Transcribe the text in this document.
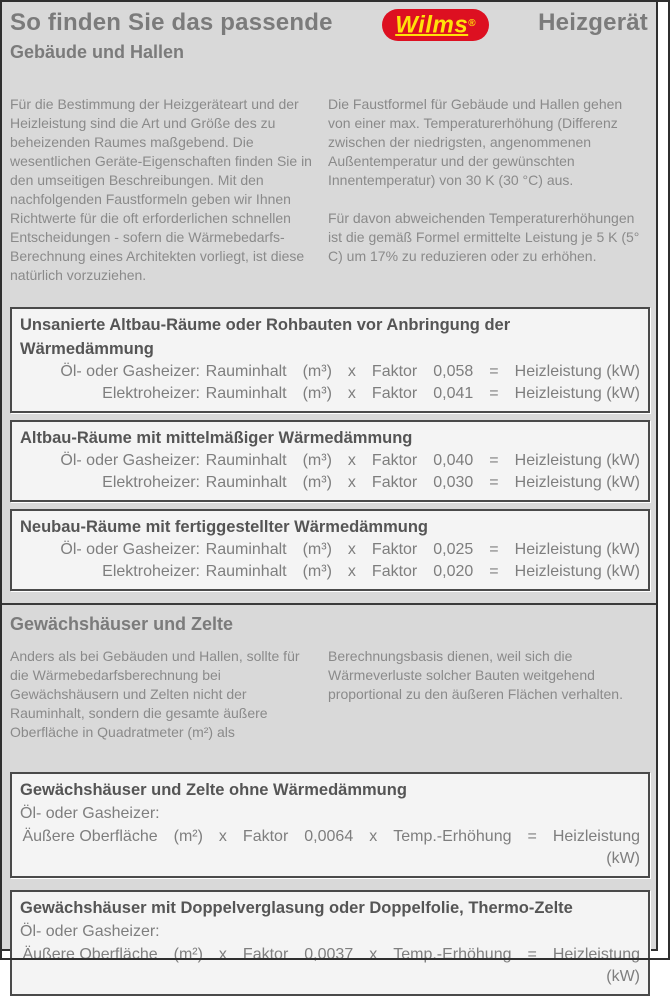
So finden Sie das passende	Wilms®	Heizgerät
Gebäude und Hallen

Für die Bestimmung der Heizgeräteart und der Heizleistung sind die Art und Größe des zu beheizenden Raumes maßgebend. Die wesentlichen Geräte-Eigenschaften finden Sie in den umseitigen Beschreibungen. Mit den nachfolgenden Faustformeln geben wir Ihnen Richtwerte für die oft erforderlichen schnellen Entscheidungen - sofern die Wärmebedarfs-Berechnung eines Architekten vorliegt, ist diese natürlich vorzuziehen.

Die Faustformel für Gebäude und Hallen gehen von einer max. Temperaturerhöhung (Differenz zwischen der niedrigsten, angenommenen Außentemperatur und der gewünschten Innentemperatur) von 30 K (30 °C) aus.

Für davon abweichenden Temperaturerhöhungen ist die gemäß Formel ermittelte Leistung je 5 K (5° C) um 17% zu reduzieren oder zu erhöhen.

Unsanierte Altbau-Räume oder Rohbauten vor Anbringung der Wärmedämmung
Öl- oder Gasheizer: Rauminhalt  (m³)  x  Faktor  0,058  =  Heizleistung (kW)
Elektroheizer: Rauminhalt  (m³)  x  Faktor  0,041  =  Heizleistung (kW)
Altbau-Räume mit mittelmäßiger Wärmedämmung
Öl- oder Gasheizer: Rauminhalt  (m³)  x  Faktor  0,040  =  Heizleistung (kW)
Elektroheizer: Rauminhalt  (m³)  x  Faktor  0,030  =  Heizleistung (kW)
Neubau-Räume mit fertiggestellter Wärmedämmung
Öl- oder Gasheizer: Rauminhalt  (m³)  x  Faktor  0,025  =  Heizleistung (kW)
Elektroheizer: Rauminhalt  (m³)  x  Faktor  0,020  =  Heizleistung (kW)
Gewächshäuser und Zelte

Anders als bei Gebäuden und Hallen, sollte für die Wärmebedarfsberechnung bei Gewächshäusern und Zelten nicht der Rauminhalt, sondern die gesamte äußere Oberfläche in Quadratmeter (m²) als

Berechnungsbasis dienen, weil sich die Wärmeverluste solcher Bauten weitgehend proportional zu den äußeren Flächen verhalten.

Gewächshäuser und Zelte ohne Wärmedämmung
Öl- oder Gasheizer:
Äußere Oberfläche  (m²)  x  Faktor  0,0064  x  Temp.-Erhöhung  =  Heizleistung
(kW)
Gewächshäuser mit Doppelverglasung oder Doppelfolie, Thermo-Zelte
Öl- oder Gasheizer:
Äußere Oberfläche  (m²)  x  Faktor  0,0037  x  Temp.-Erhöhung  =  Heizleistung
(kW)
